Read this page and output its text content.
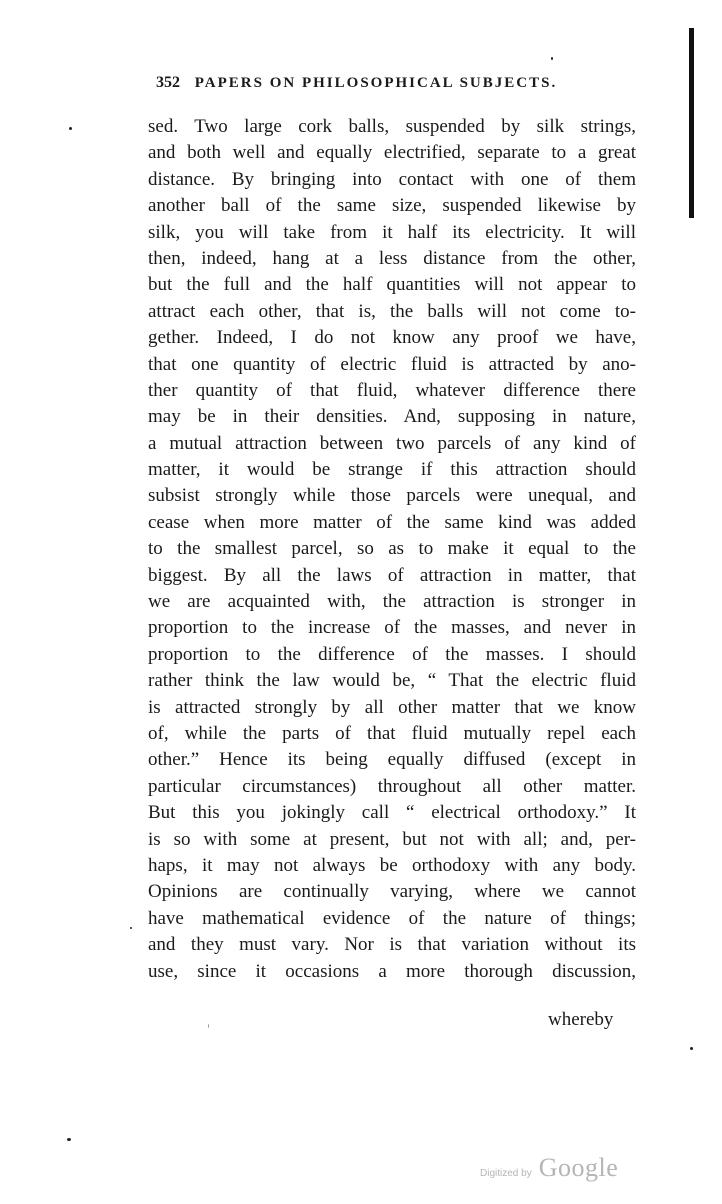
352 PAPERS ON PHILOSOPHICAL SUBJECTS.
sed. Two large cork balls, suspended by silk strings,
and both well and equally electrified, separate to a great
distance. By bringing into contact with one of them
another ball of the same size, suspended likewise by
silk, you will take from it half its electricity. It will
then, indeed, hang at a less distance from the other,
but the full and the half quantities will not appear to
attract each other, that is, the balls will not come to-
gether. Indeed, I do not know any proof we have,
that one quantity of electric fluid is attracted by ano-
ther quantity of that fluid, whatever difference there
may be in their densities. And, supposing in nature,
a mutual attraction between two parcels of any kind of
matter, it would be strange if this attraction should
subsist strongly while those parcels were unequal, and
cease when more matter of the same kind was added
to the smallest parcel, so as to make it equal to the
biggest. By all the laws of attraction in matter, that
we are acquainted with, the attraction is stronger in
proportion to the increase of the masses, and never in
proportion to the difference of the masses. I should
rather think the law would be, “ That the electric fluid
is attracted strongly by all other matter that we know
of, while the parts of that fluid mutually repel each
other.” Hence its being equally diffused (except in
particular circumstances) throughout all other matter.
But this you jokingly call “ electrical orthodoxy.” It
is so with some at present, but not with all; and, per-
haps, it may not always be orthodoxy with any body.
Opinions are continually varying, where we cannot
have mathematical evidence of the nature of things;
and they must vary. Nor is that variation without its
use, since it occasions a more thorough discussion,
whereby
Digitized by Google
